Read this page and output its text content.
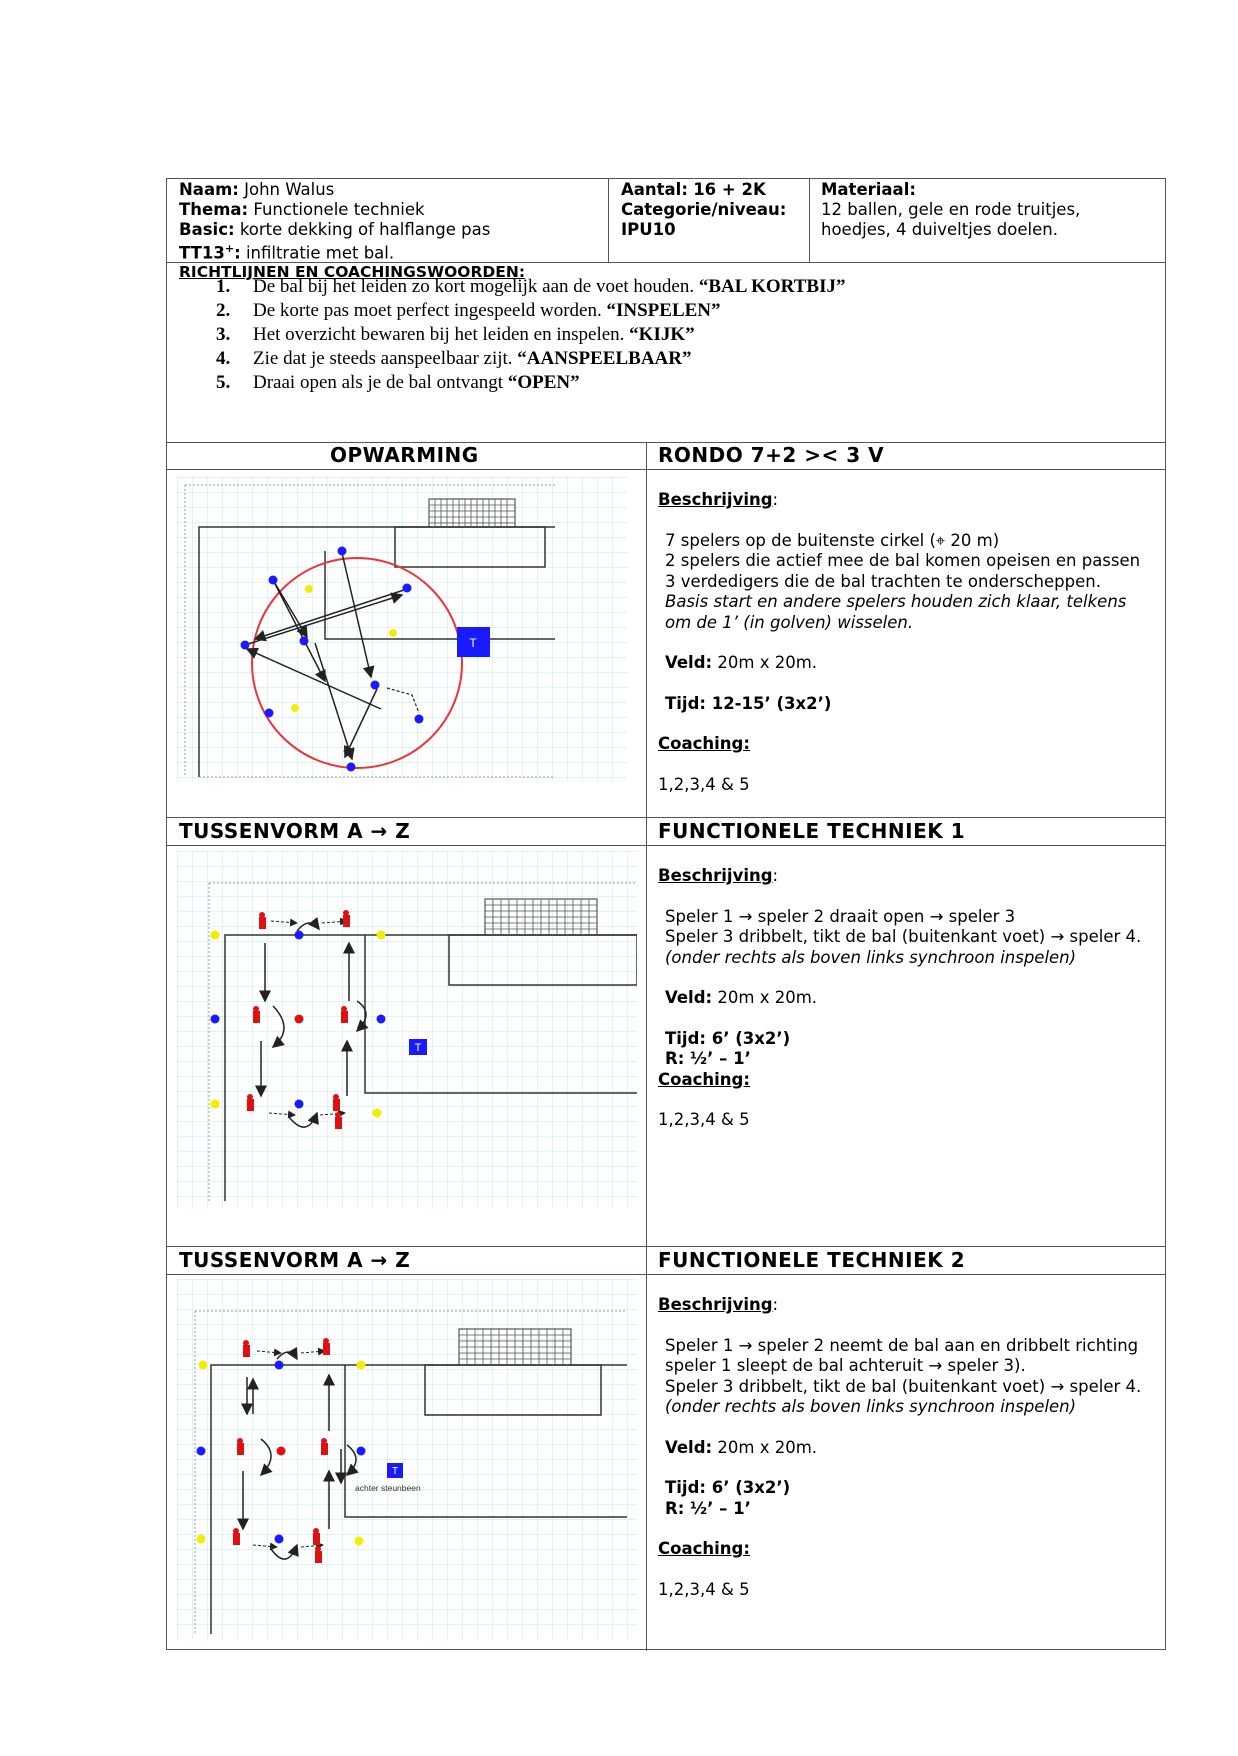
Naam: John Walus
Thema: Functionele techniek
Basic: korte dekking of halflange pas
TT13+: infiltratie met bal.
Aantal: 16 + 2K
Categorie/niveau:
IPU10
Materiaal:
12 ballen, gele en rode truitjes,
hoedjes, 4 duiveltjes doelen.
RICHTLIJNEN EN COACHINGSWOORDEN:
1. De bal bij het leiden zo kort mogelijk aan de voet houden. “BAL KORTBIJ”
2. De korte pas moet perfect ingespeeld worden. “INSPELEN”
3. Het overzicht bewaren bij het leiden en inspelen. “KIJK”
4. Zie dat je steeds aanspeelbaar zijt. “AANSPEELBAAR”
5. Draai open als je de bal ontvangt “OPEN”
OPWARMING	RONDO 7+2 >< 3 V
T
Beschrijving:
7 spelers op de buitenste cirkel (⌖ 20 m)
2 spelers die actief mee de bal komen opeisen en passen
3 verdedigers die de bal trachten te onderscheppen.
Basis start en andere spelers houden zich klaar, telkens
om de 1’ (in golven) wisselen.
Veld: 20m x 20m.
Tijd: 12-15’ (3x2’)
Coaching:
1,2,3,4 & 5
TUSSENVORM A → Z	FUNCTIONELE TECHNIEK 1
T
Beschrijving:
Speler 1 → speler 2 draait open → speler 3
Speler 3 dribbelt, tikt de bal (buitenkant voet) → speler 4.
(onder rechts als boven links synchroon inspelen)
Veld: 20m x 20m.
Tijd: 6’ (3x2’)
R: ½’ – 1’
Coaching:
1,2,3,4 & 5
TUSSENVORM A → Z	FUNCTIONELE TECHNIEK 2
T
achter steunbeen
Beschrijving:
Speler 1 → speler 2 neemt de bal aan en dribbelt richting
speler 1 sleept de bal achteruit → speler 3).
Speler 3 dribbelt, tikt de bal (buitenkant voet) → speler 4.
(onder rechts als boven links synchroon inspelen)
Veld: 20m x 20m.
Tijd: 6’ (3x2’)
R: ½’ – 1’
Coaching:
1,2,3,4 & 5
